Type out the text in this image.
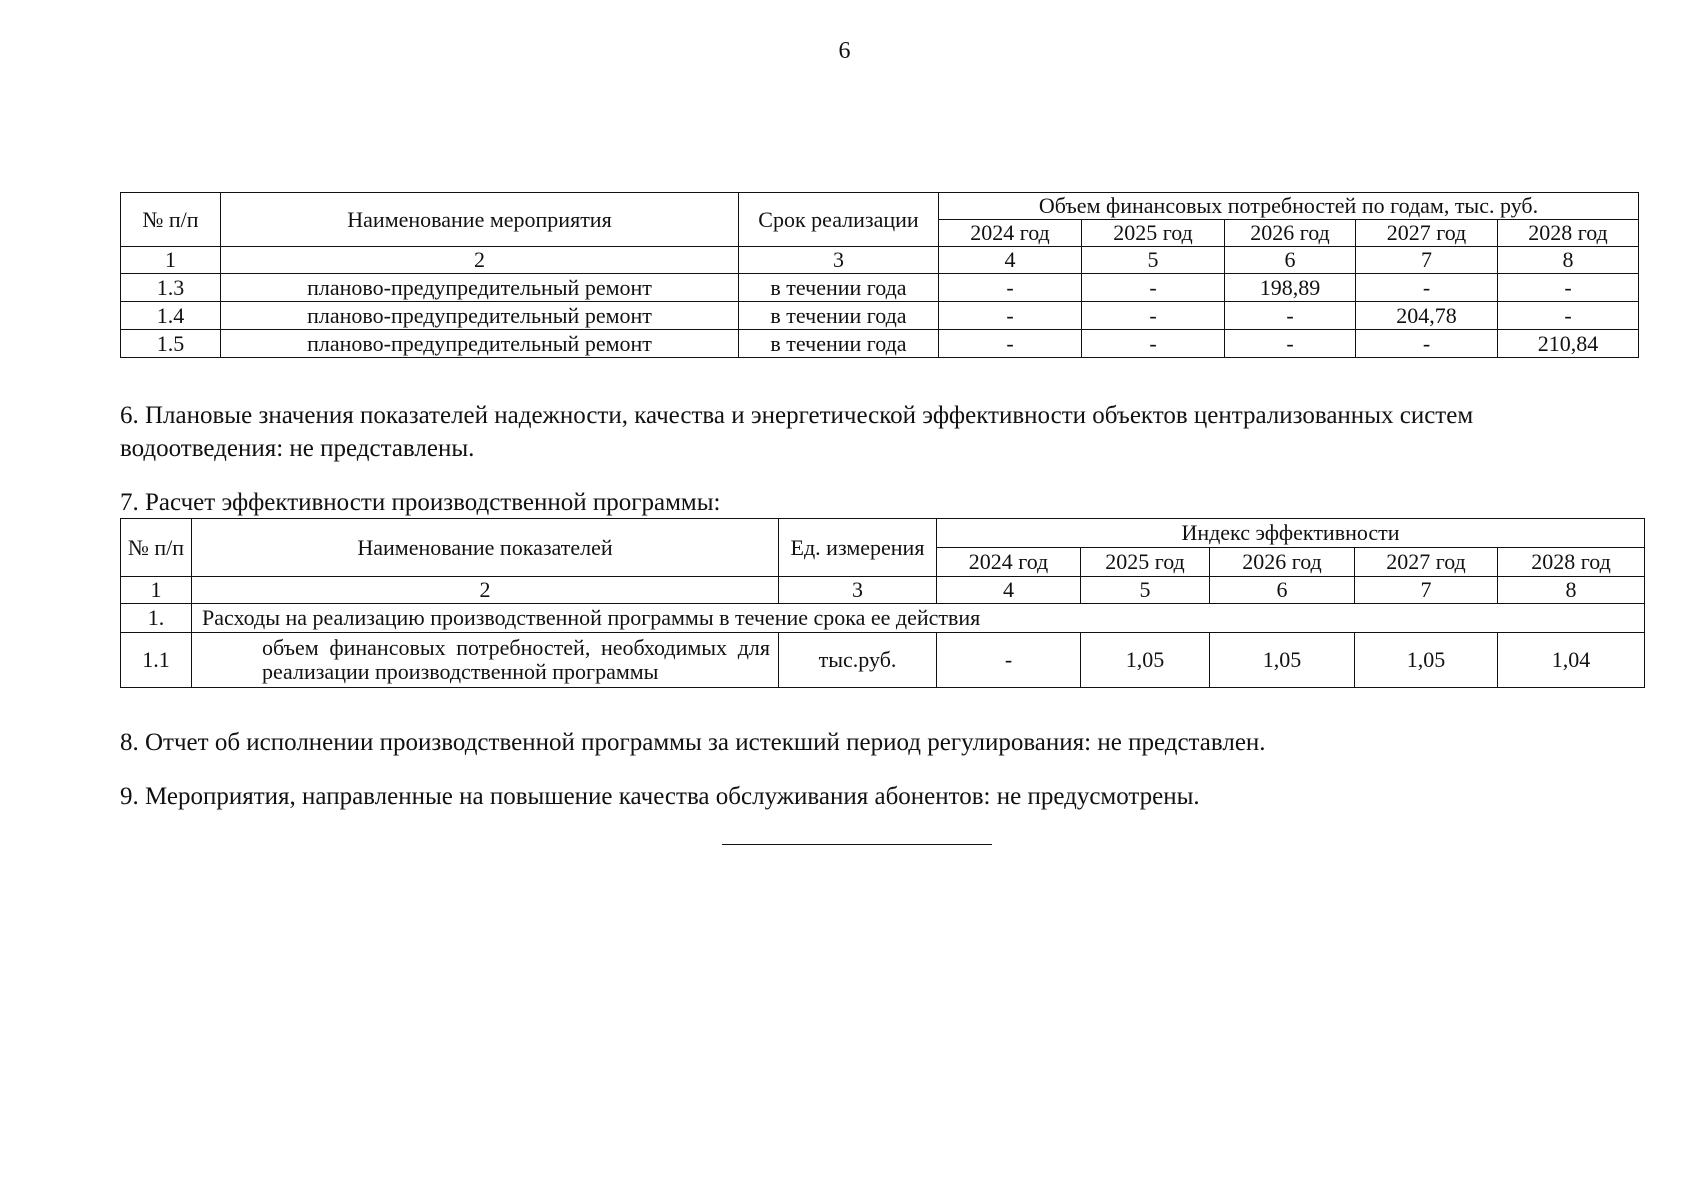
6
№ п/п	Наименование мероприятия	Срок реализации	Объем финансовых потребностей по годам, тыс. руб.				
			2024 год	2025 год	2026 год	2027 год	2028 год
1	2	3	4	5	6	7	8
1.3	планово-предупредительный ремонт	в течении года	-	-	198,89	-	-
1.4	планово-предупредительный ремонт	в течении года	-	-	-	204,78	-
1.5	планово-предупредительный ремонт	в течении года	-	-	-	-	210,84
6. Плановые значения показателей надежности, качества и энергетической эффективности объектов централизованных систем водоотведения: не представлены.
7. Расчет эффективности производственной программы:
№ п/п	Наименование показателей	Ед. измерения	Индекс эффективности				
			2024 год	2025 год	2026 год	2027 год	2028 год
1	2	3	4	5	6	7	8
1.	Расходы на реализацию производственной программы в течение срока ее действия						
1.1	объем финансовых потребностей, необходимых для реализации производственной программы	тыс.руб.	-	1,05	1,05	1,05	1,04
8. Отчет об исполнении производственной программы за истекший период регулирования: не представлен.
9. Мероприятия, направленные на повышение качества обслуживания абонентов: не предусмотрены.
